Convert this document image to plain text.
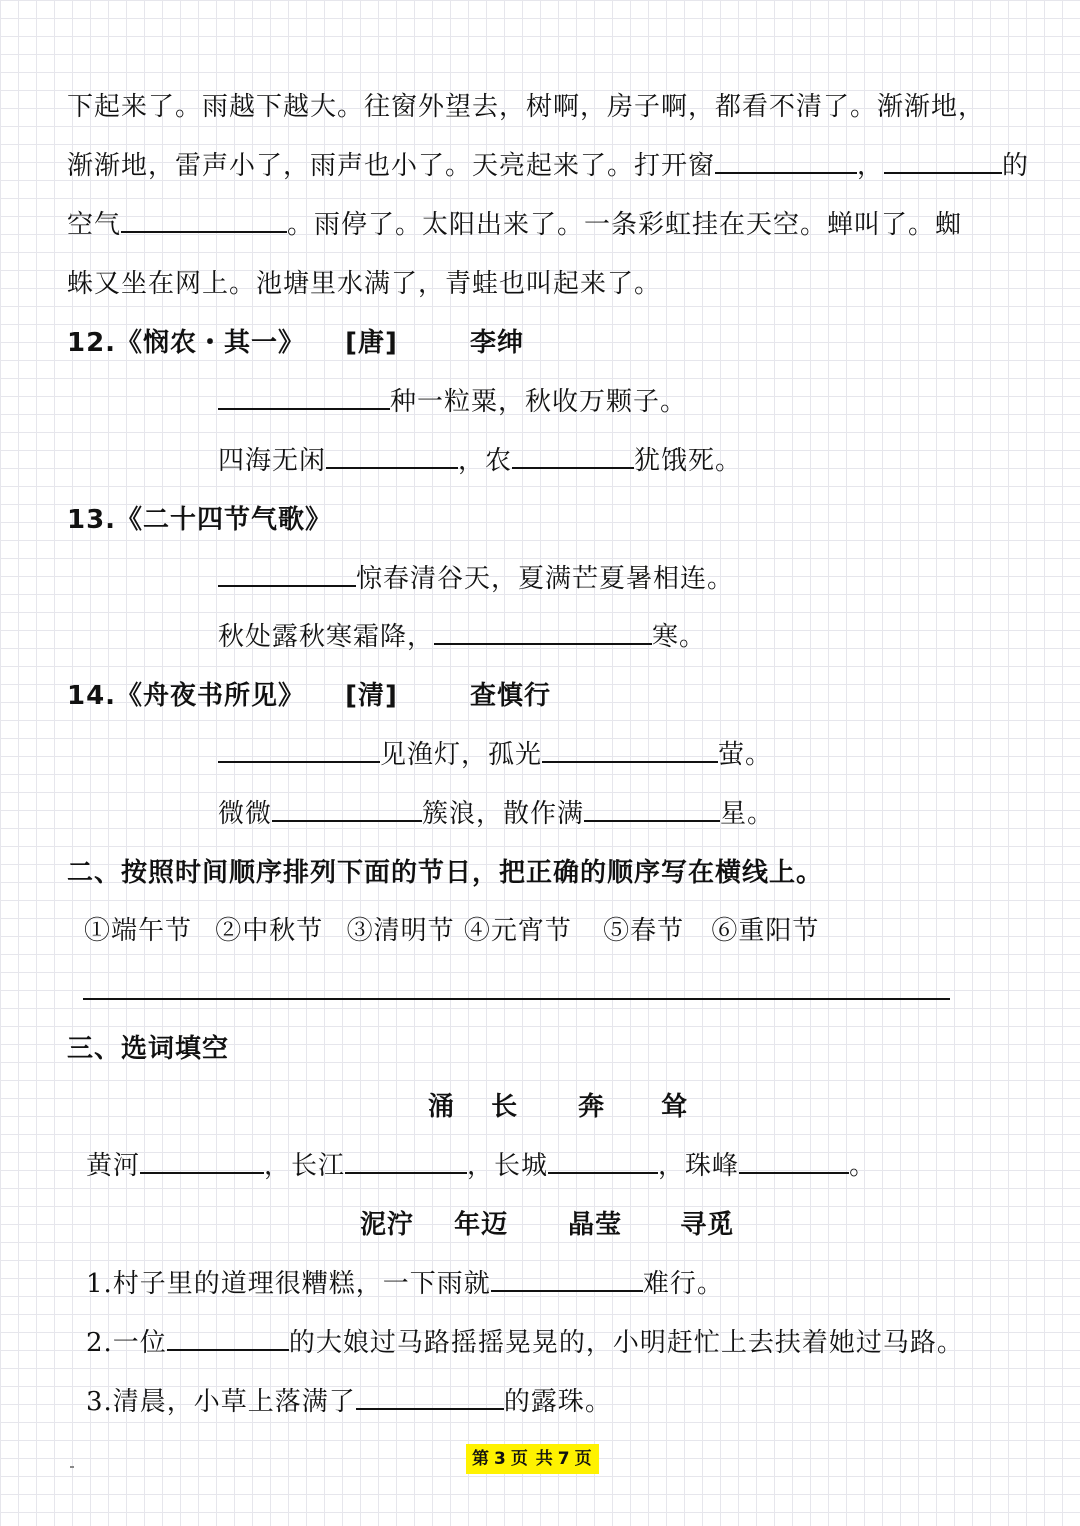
下起来了。雨越下越大。往窗外望去，树啊，房子啊，都看不清了。渐渐地，
渐渐地，雷声小了，雨声也小了。天亮起来了。打开窗	，	的
空气	。雨停了。太阳出来了。一条彩虹挂在天空。蝉叫了。蜘
蛛又坐在网上。池塘里水满了，青蛙也叫起来了。
12.《悯农・其一》 [唐]	李绅
种一粒粟，秋收万颗子。
四海无闲	，农	犹饿死。
13.《二十四节气歌》
惊春清谷天，夏满芒夏暑相连。
秋处露秋寒霜降，	寒。
14.《舟夜书所见》 [清]	查慎行
见渔灯，孤光	萤。
微微	簇浪，散作满	星。
二、按照时间顺序排列下面的节日，把正确的顺序写在横线上。
①端午节 ②中秋节 ③清明节 ④元宵节 ⑤春节 ⑥重阳节
三、选词填空
涌 长 奔 耸
黄河	，长江	，长城	，珠峰	。
泥泞 年迈 晶莹 寻觅
1.村子里的道理很糟糕，一下雨就	难行。
2.一位	的大娘过马路摇摇晃晃的，小明赶忙上去扶着她过马路。
3.清晨，小草上落满了	的露珠。
第 3 页 共 7 页
